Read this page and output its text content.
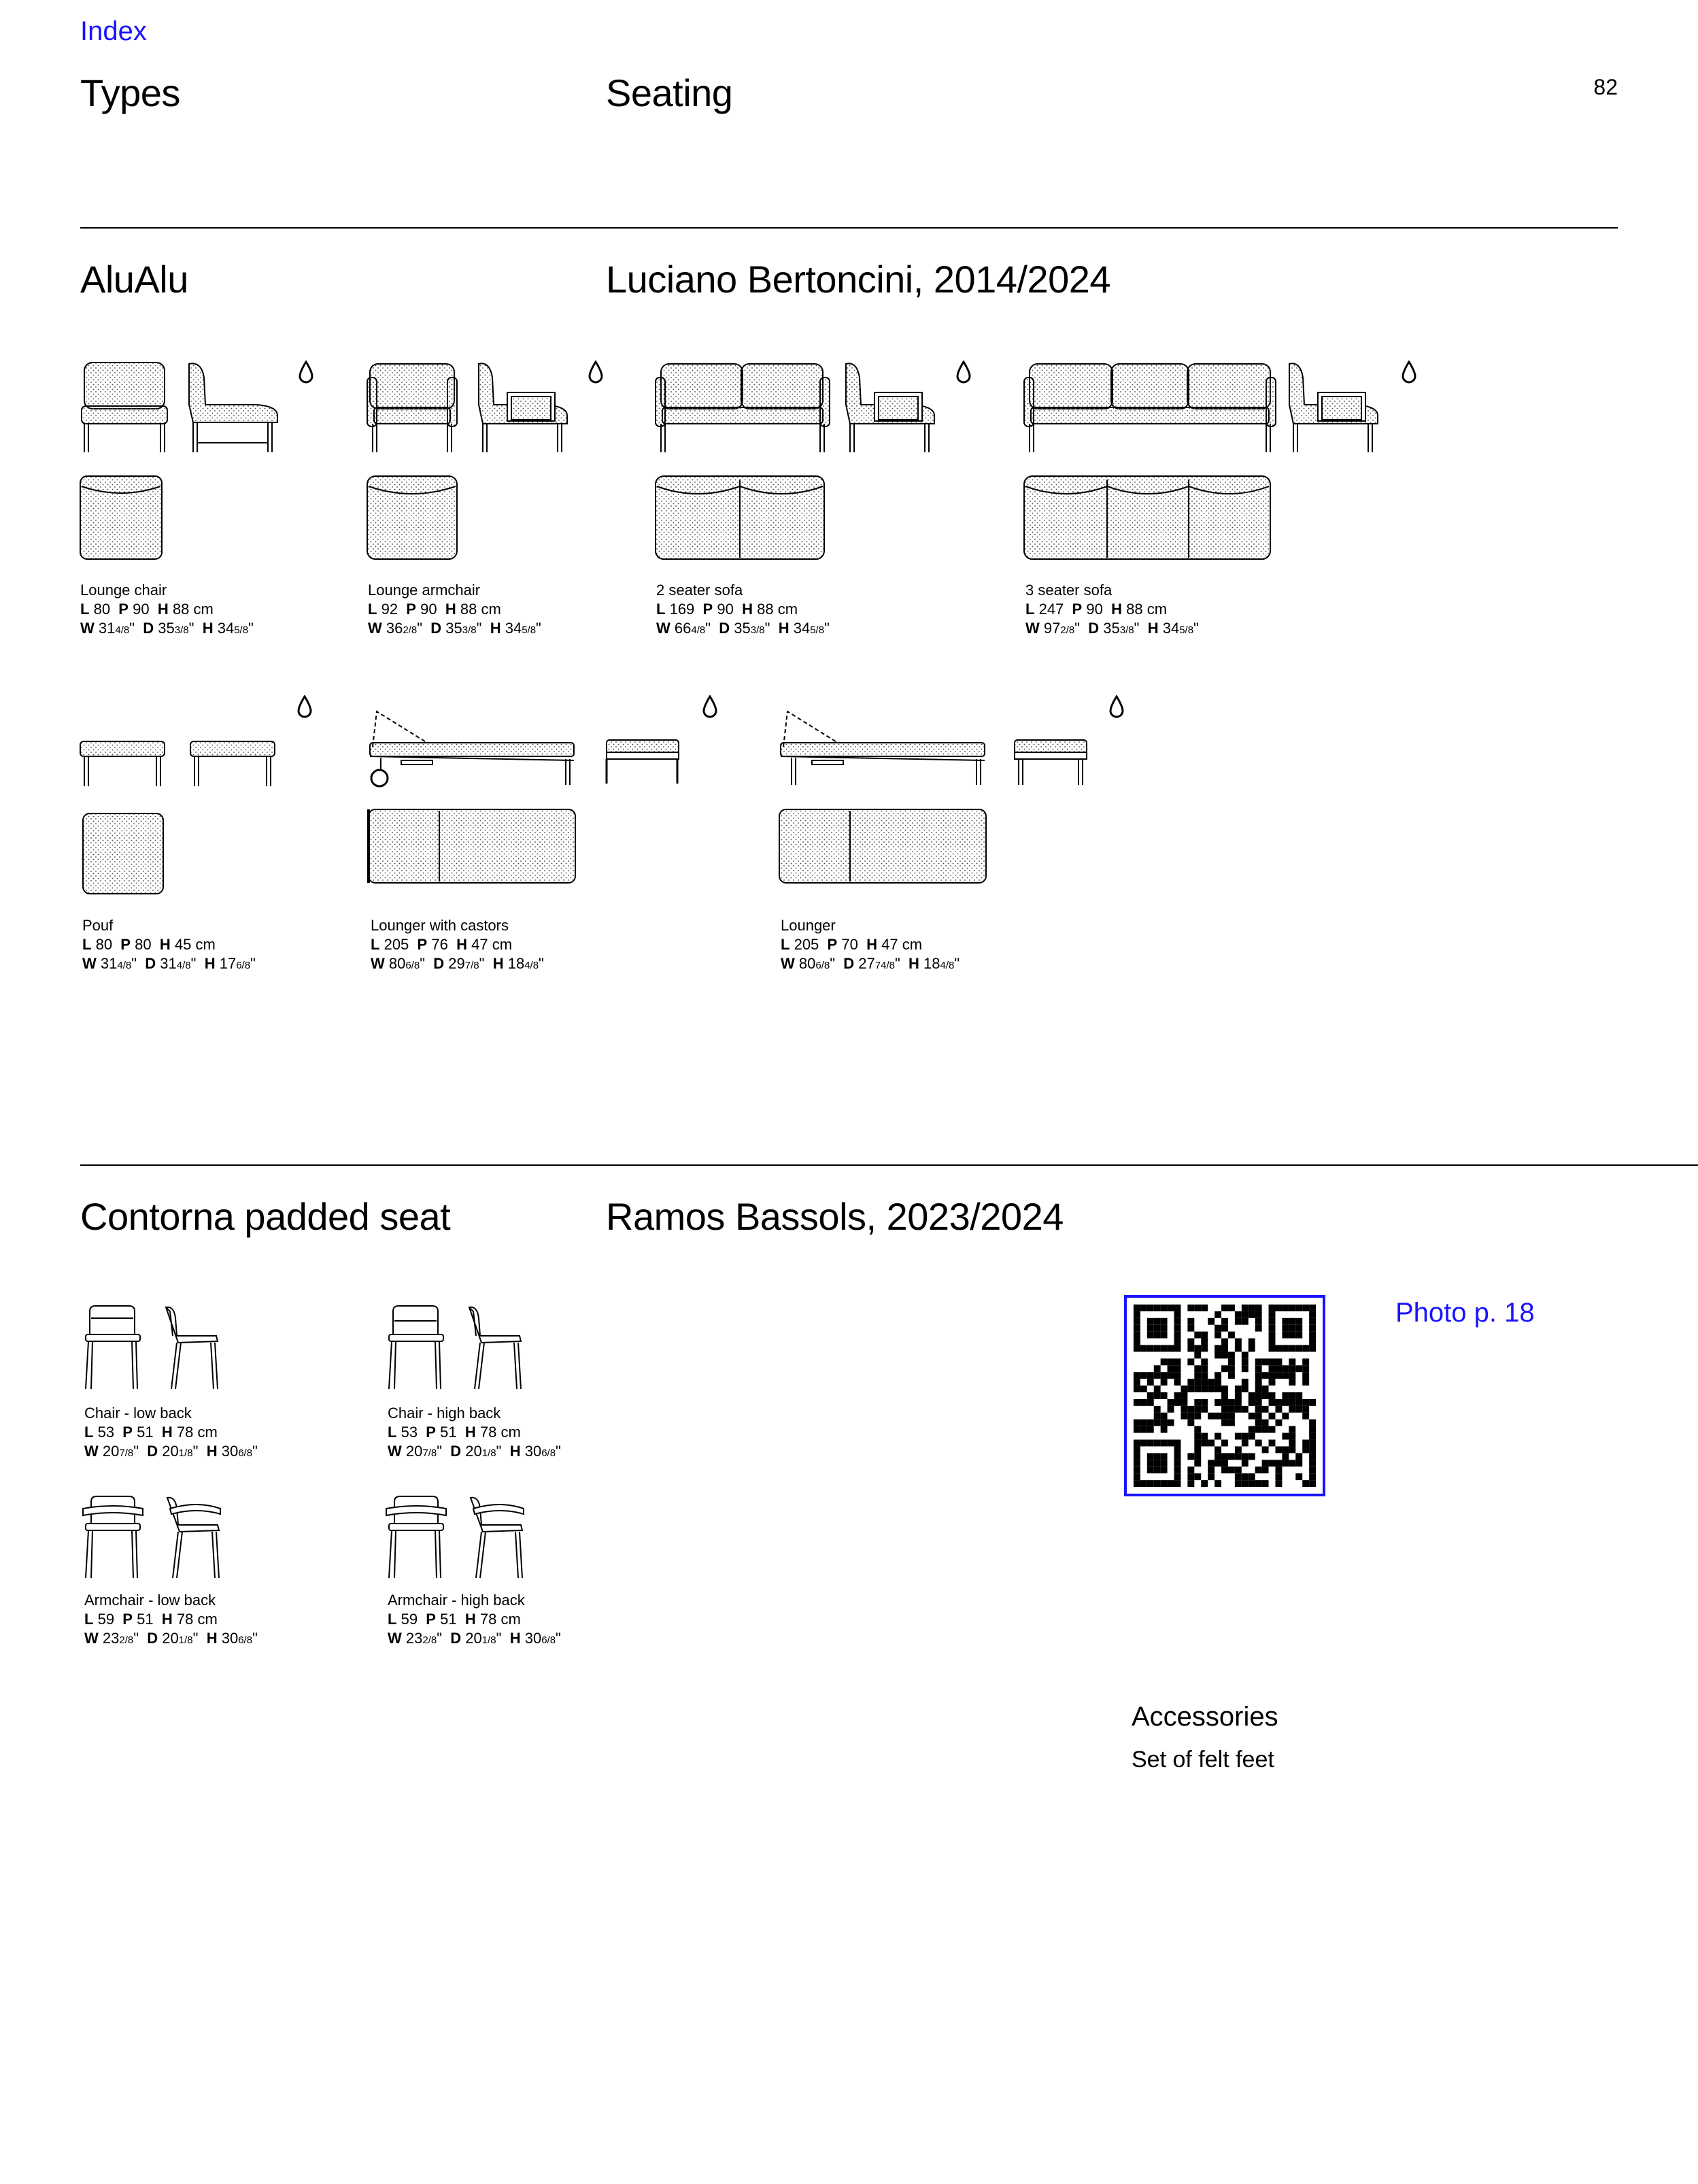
Index
Types	Seating	82
AluAlu	Luciano Bertoncini, 2014/2024
Lounge chair
L 80 P 90 H 88 cm
W 314/8" D 353/8" H 345/8"
Lounge armchair
L 92 P 90 H 88 cm
W 362/8" D 353/8" H 345/8"
2 seater sofa
L 169 P 90 H 88 cm
W 664/8" D 353/8" H 345/8"
3 seater sofa
L 247 P 90 H 88 cm
W 972/8" D 353/8" H 345/8"
Pouf
L 80 P 80 H 45 cm
W 314/8" D 314/8" H 176/8"
Lounger with castors
L 205 P 76 H 47 cm
W 806/8" D 297/8" H 184/8"
Lounger
L 205 P 70 H 47 cm
W 806/8" D 2774/8" H 184/8"
Contorna padded seat	Ramos Bassols, 2023/2024
Chair - low back
L 53 P 51 H 78 cm
W 207/8" D 201/8" H 306/8"
Chair - high back
L 53 P 51 H 78 cm
W 207/8" D 201/8" H 306/8"
Armchair - low back
L 59 P 51 H 78 cm
W 232/8" D 201/8" H 306/8"
Armchair - high back
L 59 P 51 H 78 cm
W 232/8" D 201/8" H 306/8"
Photo p. 18
Accessories
Set of felt feet
